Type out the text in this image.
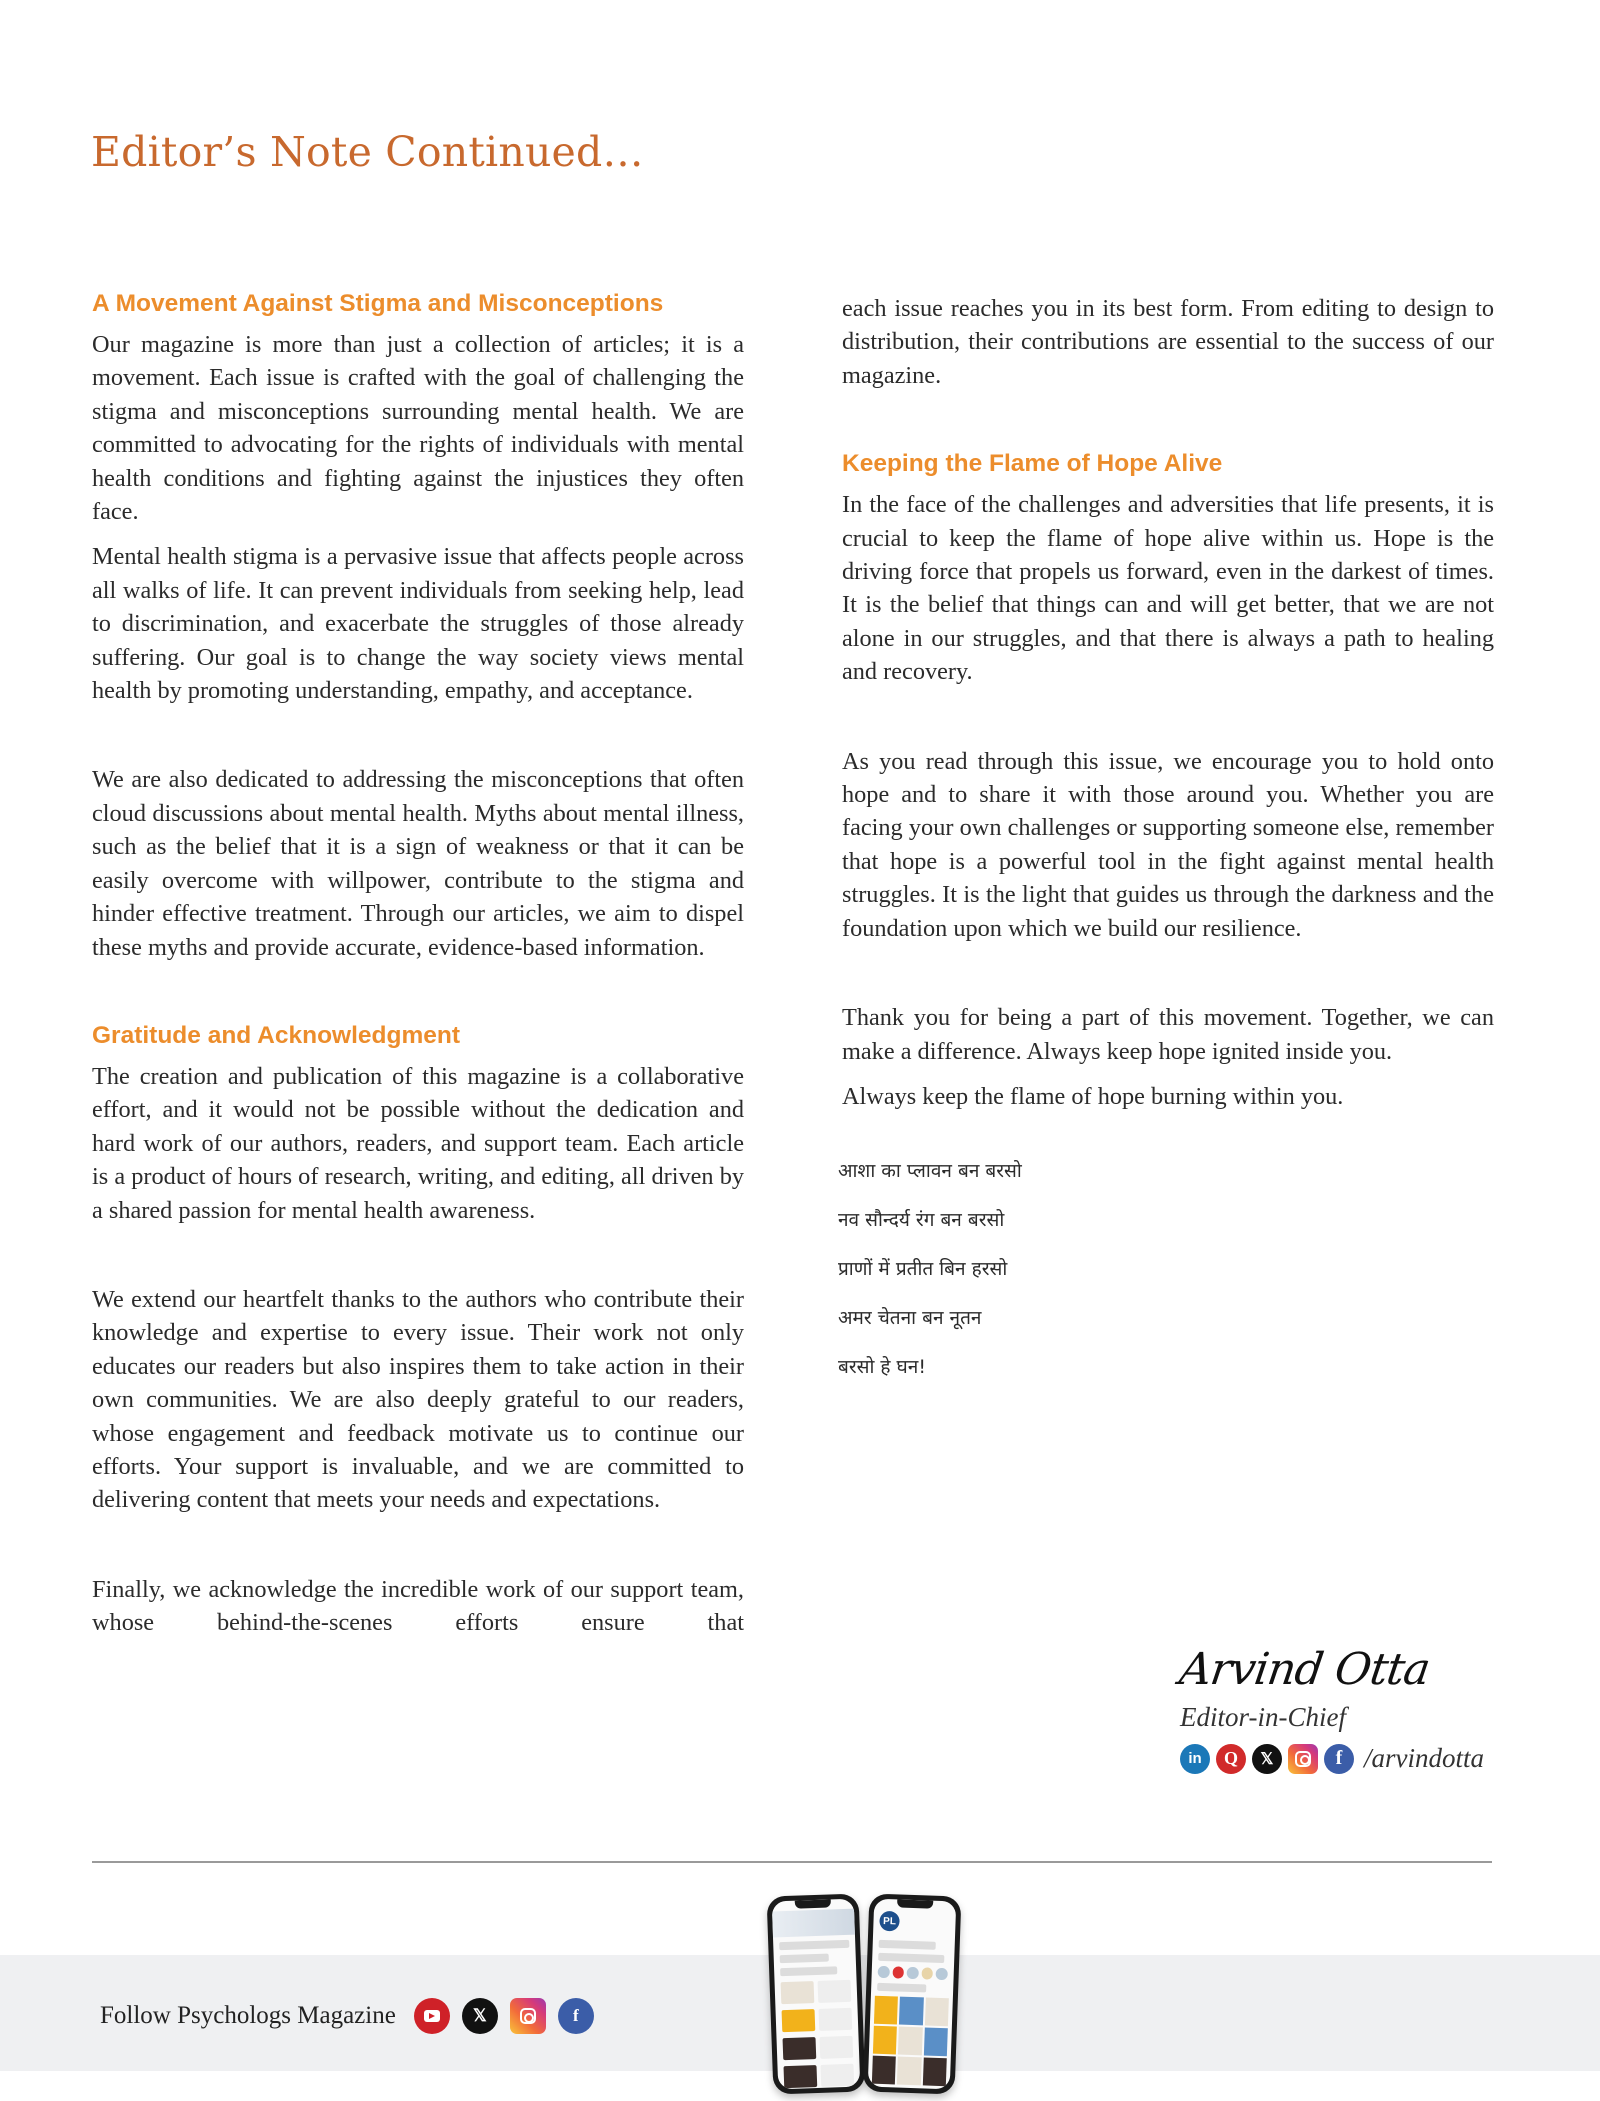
Editor’s Note Continued…
A Movement Against Stigma and Misconceptions

Our magazine is more than just a collection of articles; it is a movement. Each issue is crafted with the goal of challenging the stigma and misconceptions surrounding mental health. We are committed to advocating for the rights of individuals with mental health conditions and fighting against the injustices they often face.

Mental health stigma is a pervasive issue that affects people across all walks of life. It can prevent individuals from seeking help, lead to discrimination, and exacerbate the struggles of those already suffering. Our goal is to change the way society views mental health by promoting understanding, empathy, and acceptance.

We are also dedicated to addressing the misconceptions that often cloud discussions about mental health. Myths about mental illness, such as the belief that it is a sign of weakness or that it can be easily overcome with willpower, contribute to the stigma and hinder effective treatment. Through our articles, we aim to dispel these myths and provide accurate, evidence-based information.

Gratitude and Acknowledgment

The creation and publication of this magazine is a collaborative effort, and it would not be possible without the dedication and hard work of our authors, readers, and support team. Each article is a product of hours of research, writing, and editing, all driven by a shared passion for mental health awareness.

We extend our heartfelt thanks to the authors who contribute their knowledge and expertise to every issue. Their work not only educates our readers but also inspires them to take action in their own communities. We are also deeply grateful to our readers, whose engagement and feedback motivate us to continue our efforts. Your support is invaluable, and we are committed to delivering content that meets your needs and expectations.

Finally, we acknowledge the incredible work of our support team, whose behind-the-scenes efforts ensure that

each issue reaches you in its best form. From editing to design to distribution, their contributions are essential to the success of our magazine.

Keeping the Flame of Hope Alive

In the face of the challenges and adversities that life presents, it is crucial to keep the flame of hope alive within us. Hope is the driving force that propels us forward, even in the darkest of times. It is the belief that things can and will get better, that we are not alone in our struggles, and that there is always a path to healing and recovery.

As you read through this issue, we encourage you to hold onto hope and to share it with those around you. Whether you are facing your own challenges or supporting someone else, remember that hope is a powerful tool in the fight against mental health struggles. It is the light that guides us through the darkness and the foundation upon which we build our resilience.

Thank you for being a part of this movement. Together, we can make a difference. Always keep hope ignited inside you.

Always keep the flame of hope burning within you.

आशा का प्लावन बन बरसो
नव सौन्दर्य रंग बन बरसो
प्राणों में प्रतीत बिन हरसो
अमर चेतना बन नूतन
बरसो हे घन!
Arvind Otta
Editor-in-Chief
in	Q	𝕏	f /arvindotta
Follow Psychologs Magazine	𝕏	f
PL
